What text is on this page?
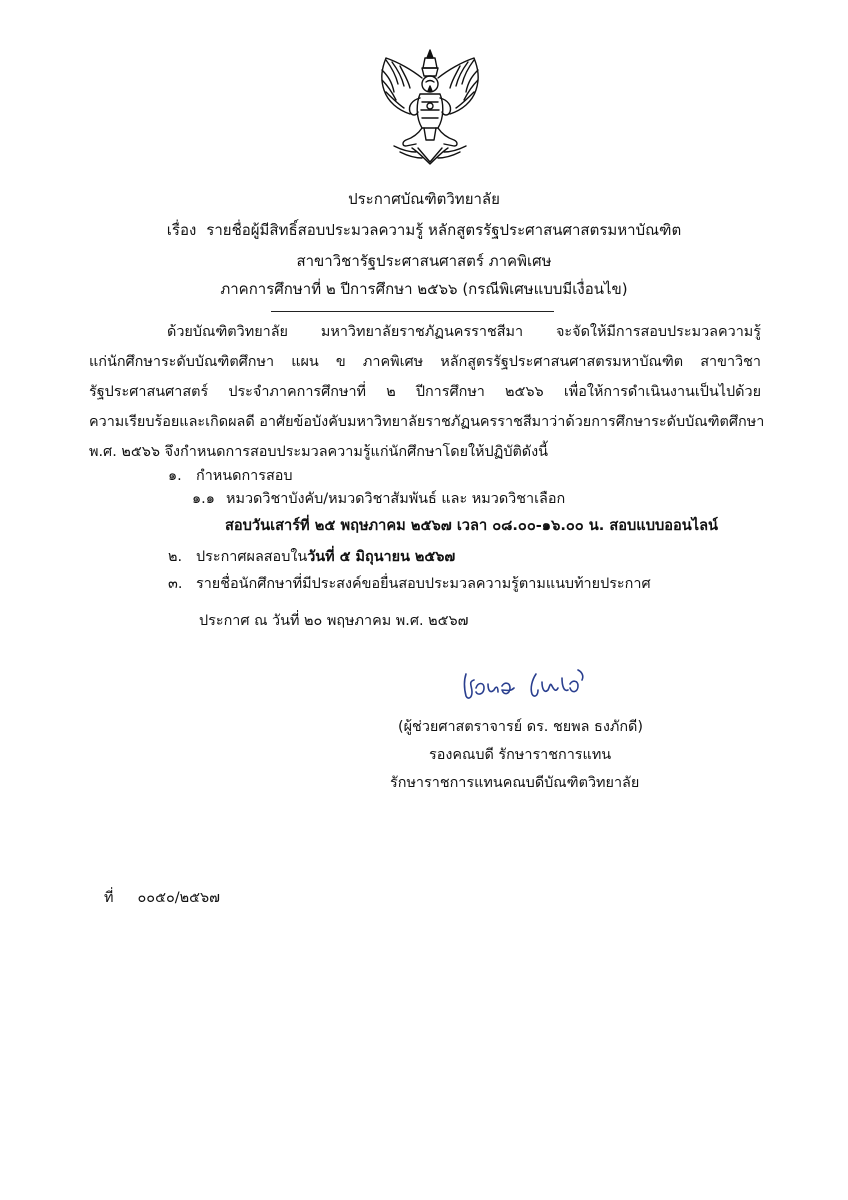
ประกาศบัณฑิตวิทยาลัย
เรื่อง รายชื่อผู้มีสิทธิ์สอบประมวลความรู้ หลักสูตรรัฐประศาสนศาสตรมหาบัณฑิต
สาขาวิชารัฐประศาสนศาสตร์ ภาคพิเศษ
ภาคการศึกษาที่ ๒ ปีการศึกษา ๒๕๖๖ (กรณีพิเศษแบบมีเงื่อนไข)
ด้วยบัณฑิตวิทยาลัย มหาวิทยาลัยราชภัฏนครราชสีมา จะจัดให้มีการสอบประมวลความรู้
แก่นักศึกษาระดับบัณฑิตศึกษา แผน ข ภาคพิเศษ หลักสูตรรัฐประศาสนศาสตรมหาบัณฑิต สาขาวิชา
รัฐประศาสนศาสตร์ ประจำภาคการศึกษาที่ ๒ ปีการศึกษา ๒๕๖๖ เพื่อให้การดำเนินงานเป็นไปด้วย
ความเรียบร้อยและเกิดผลดี อาศัยข้อบังคับมหาวิทยาลัยราชภัฏนครราชสีมาว่าด้วยการศึกษาระดับบัณฑิตศึกษา
พ.ศ. ๒๕๖๖ จึงกำหนดการสอบประมวลความรู้แก่นักศึกษาโดยให้ปฏิบัติดังนี้
๑. กำหนดการสอบ
๑.๑ หมวดวิชาบังคับ/หมวดวิชาสัมพันธ์ และ หมวดวิชาเลือก
สอบวันเสาร์ที่ ๒๕ พฤษภาคม ๒๕๖๗ เวลา ๐๘.๐๐-๑๖.๐๐ น. สอบแบบออนไลน์
๒. ประกาศผลสอบในวันที่ ๕ มิถุนายน ๒๕๖๗
๓. รายชื่อนักศึกษาที่มีประสงค์ขอยื่นสอบประมวลความรู้ตามแนบท้ายประกาศ
ประกาศ ณ วันที่ ๒๐ พฤษภาคม พ.ศ. ๒๕๖๗
(ผู้ช่วยศาสตราจารย์ ดร. ชยพล ธงภักดี)
รองคณบดี รักษาราชการแทน
รักษาราชการแทนคณบดีบัณฑิตวิทยาลัย
ที่ ๐๐๕๐/๒๕๖๗
